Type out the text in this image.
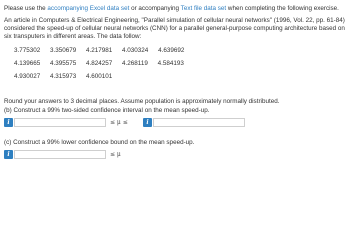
Please use the accompanying Excel data set or accompanying Text file data set when completing the following exercise.
An article in Computers & Electrical Engineering, "Parallel simulation of cellular neural networks" (1996, Vol. 22, pp. 61-84) considered the speed-up of cellular neural networks (CNN) for a parallel general-purpose computing architecture based on six transputers in different areas. The data follow:
3.775302 3.350679 4.217981 4.030324 4.639692
4.139665 4.395575 4.824257 4.268119 4.584193
4.930027 4.315973 4.600101
Round your answers to 3 decimal places. Assume population is approximately normally distributed.
(b) Construct a 99% two-sided confidence interval on the mean speed-up.
i	≤ μ ≤	i
(c) Construct a 99% lower confidence bound on the mean speed-up.
i	≤ μ
